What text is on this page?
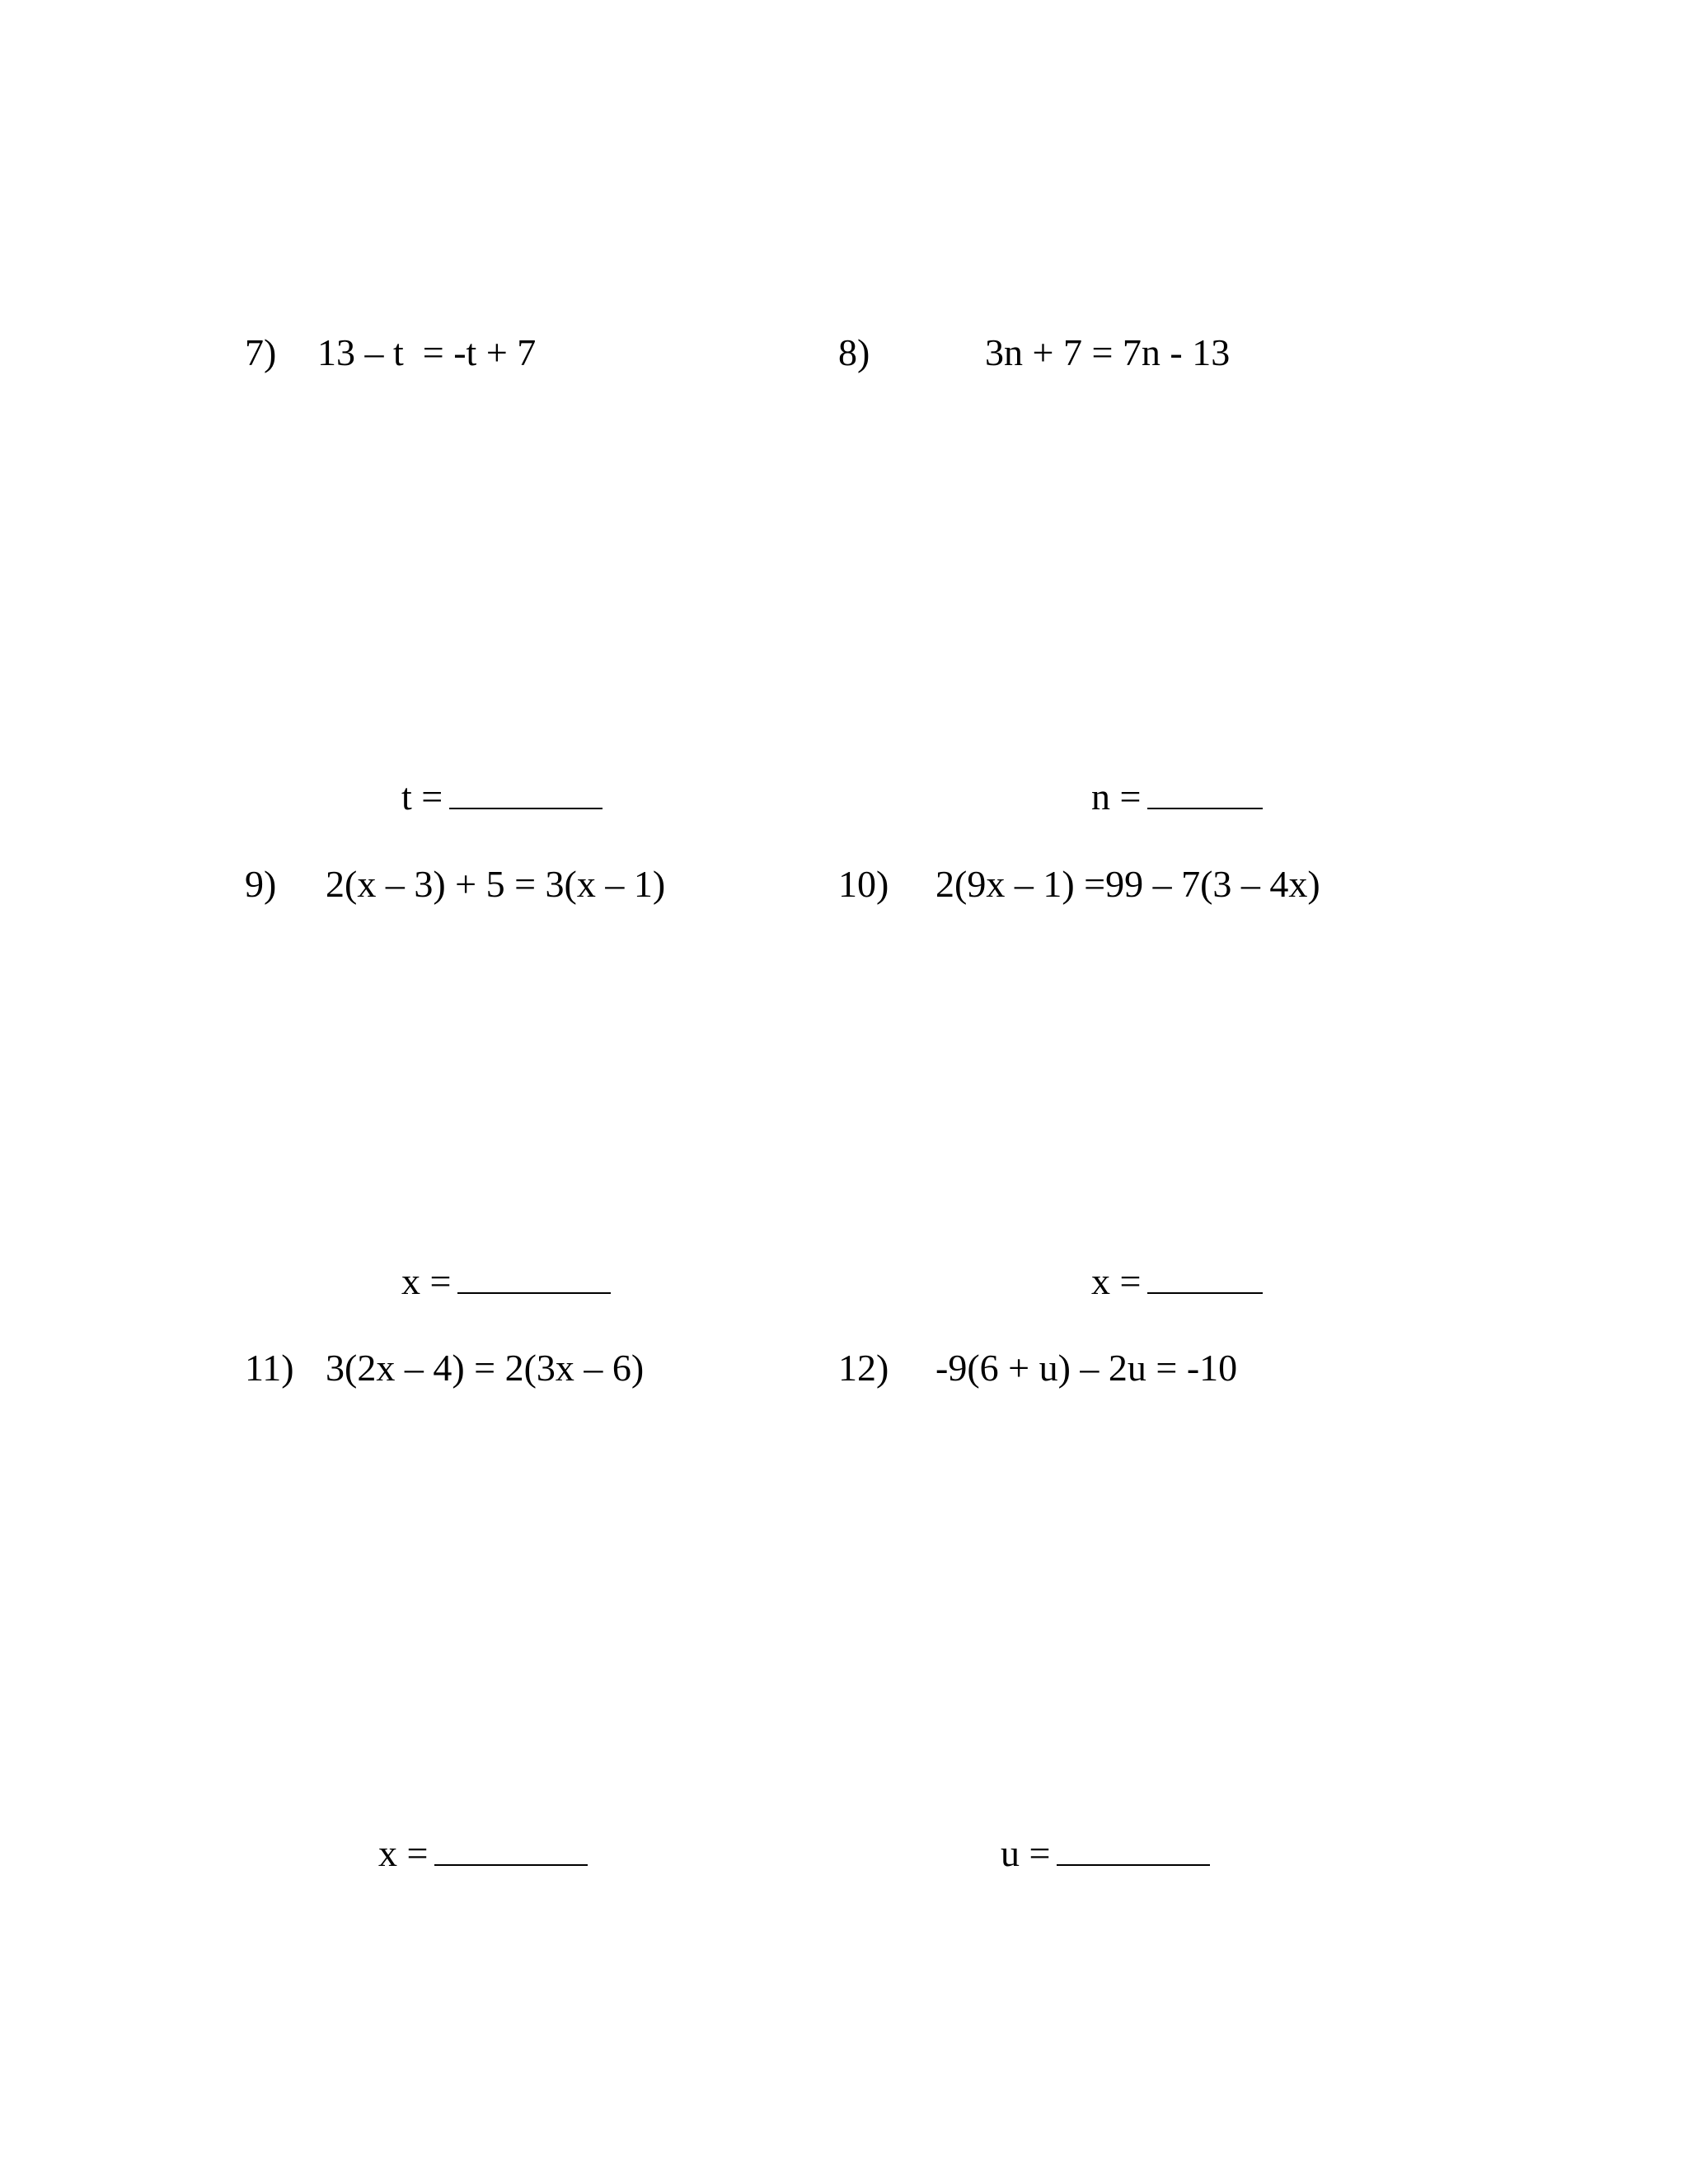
7) 13 – t  = -t + 7

t =

8)	3n + 7 = 7n - 13

n =

9) 2(x – 3) + 5 = 3(x – 1)

x =

10) 2(9x – 1) =99 – 7(3 – 4x)

x =

11) 3(2x – 4) = 2(3x – 6)

x =

12) -9(6 + u) – 2u = -10

u =
